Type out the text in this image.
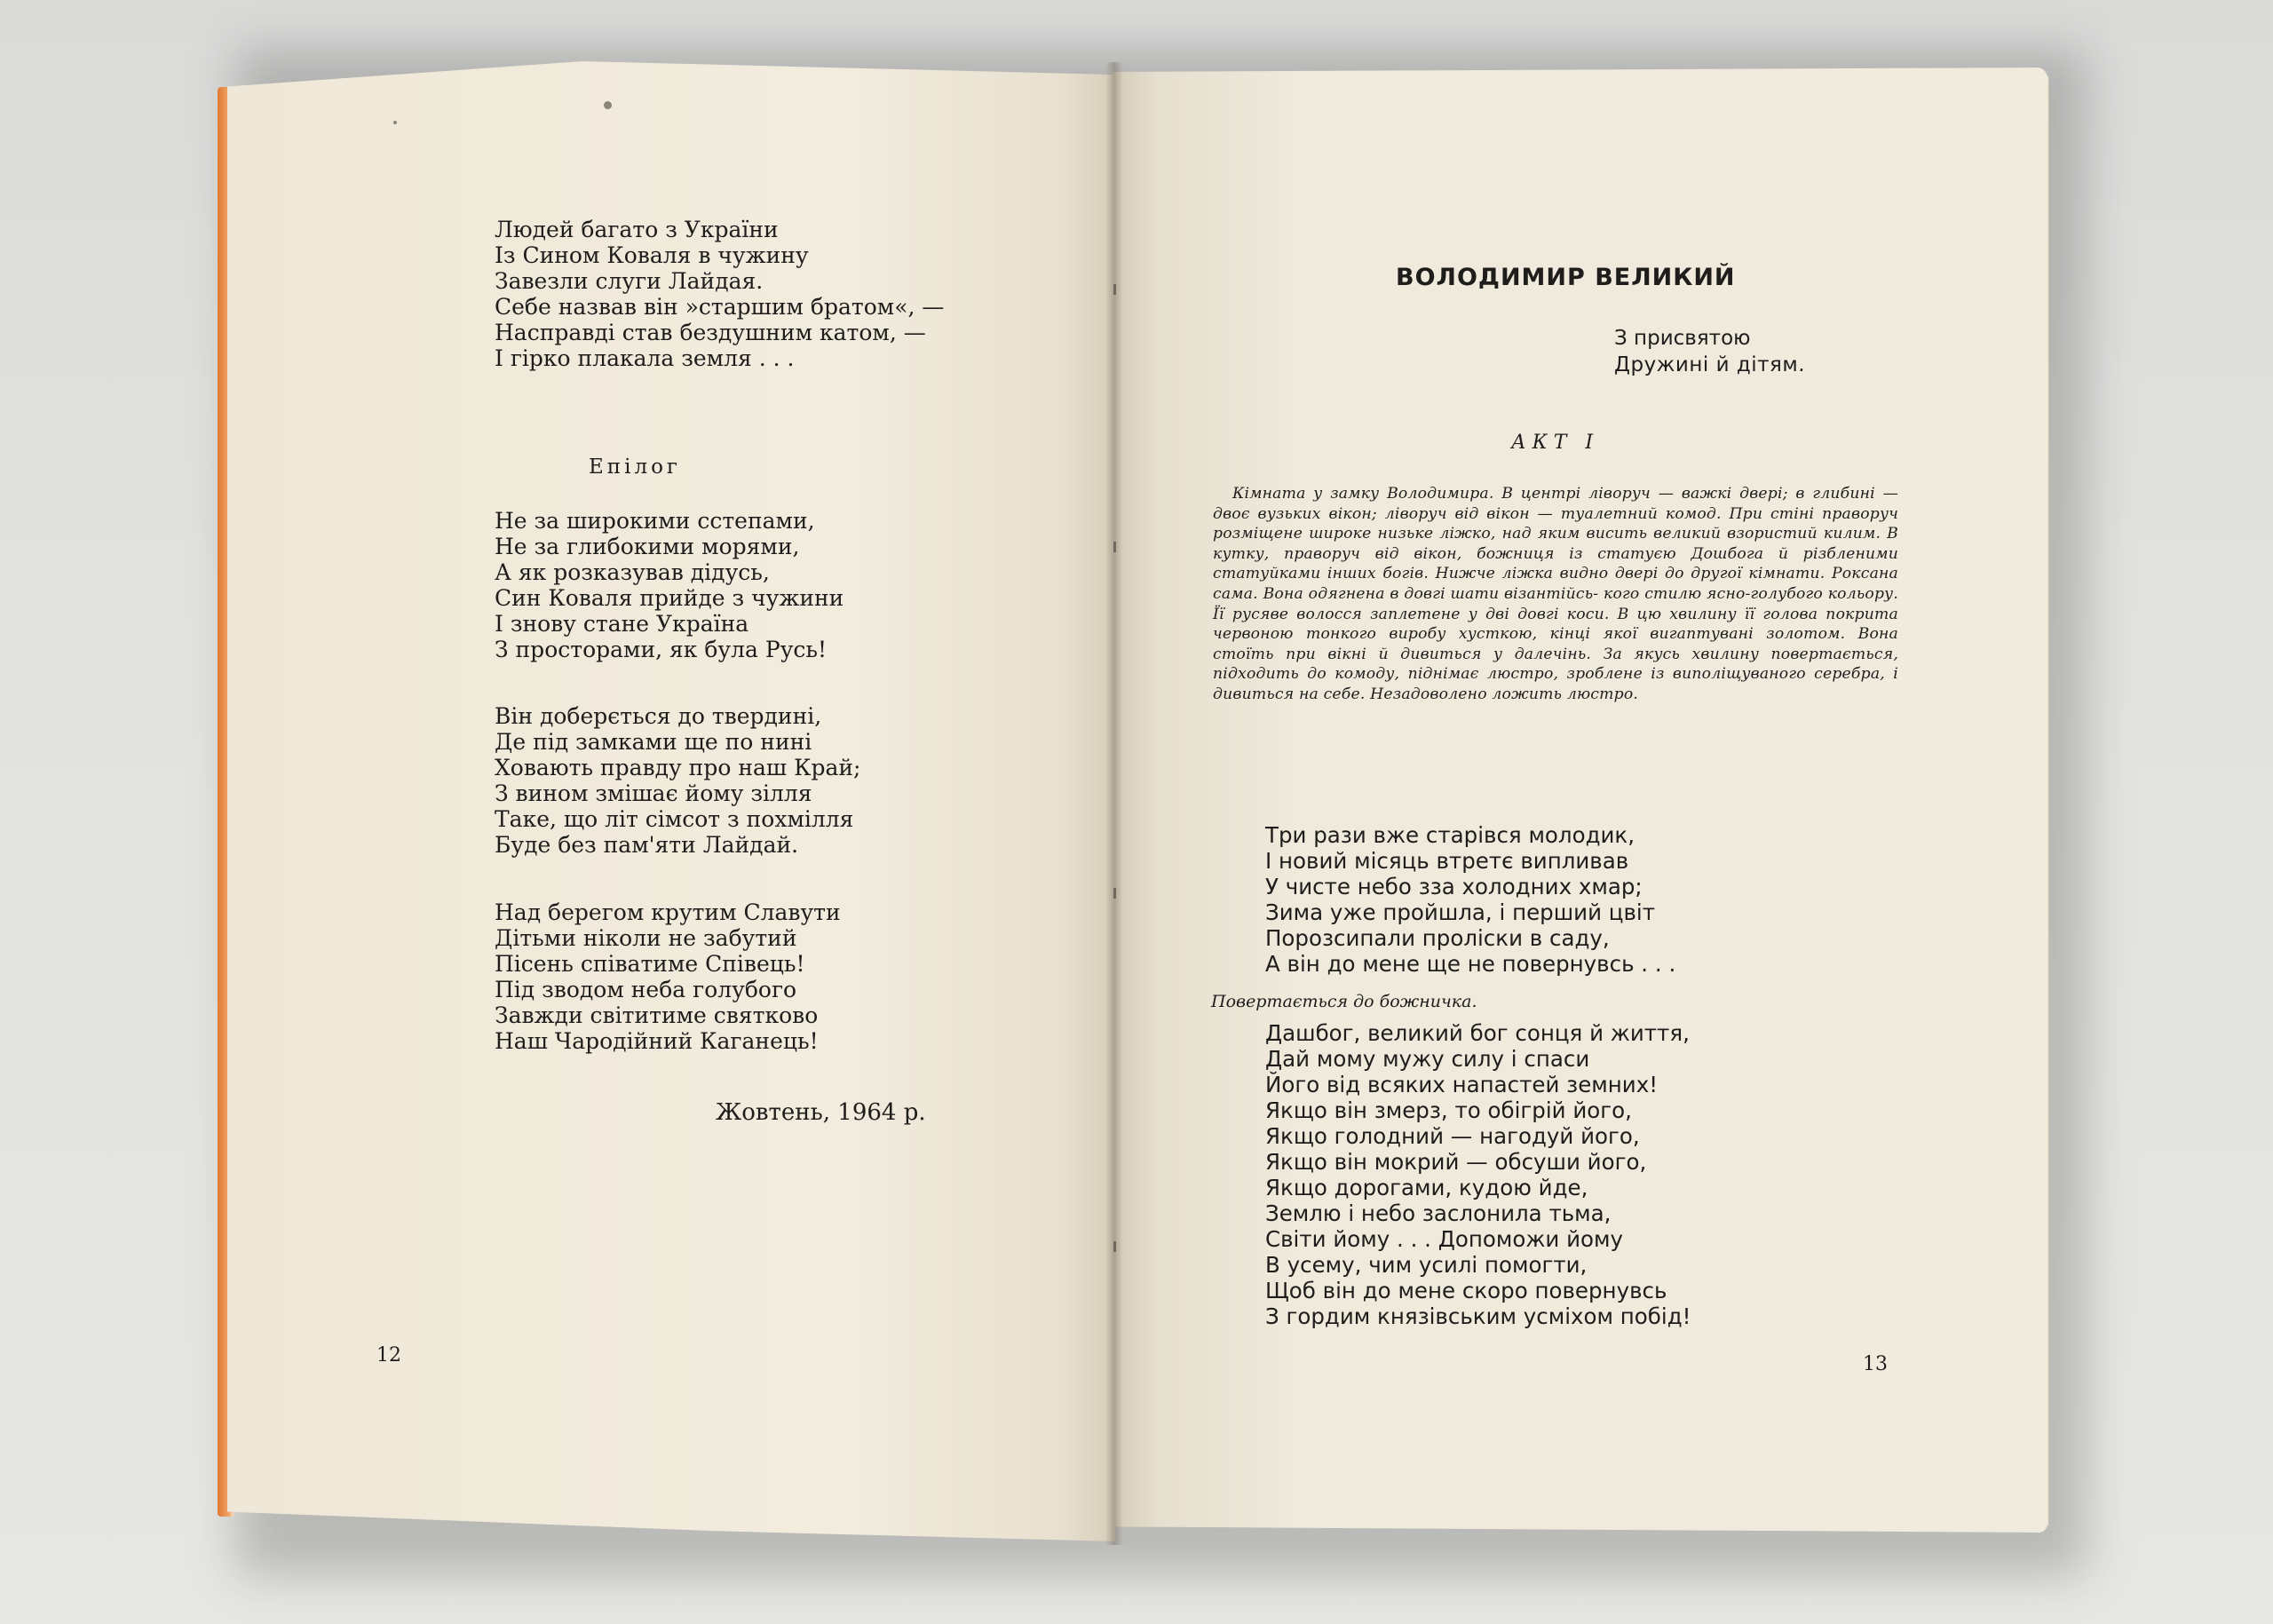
Людей багато з України
Із Сином Коваля в чужину
Завезли слуги Лайдая.
Себе назвав він »старшим братом«, —
Насправді став бездушним катом, —
І гірко плакала земля . . .
Епілог
Не за широкими сстепами,
Не за глибокими морями,
А як розказував дідусь,
Син Коваля прийде з чужини
І знову стане Україна
З просторами, як була Русь!
Він доберється до твердині,
Де під замками ще по нині
Ховають правду про наш Край;
З вином змішає йому зілля
Таке, що літ сімсот з похмілля
Буде без пам'яти Лайдай.
Над берегом крутим Славути
Дітьми ніколи не забутий
Пісень співатиме Співець!
Під зводом неба голубого
Завжди світитиме святково
Наш Чародійний Каганець!
Жовтень, 1964 р.
12
ВОЛОДИМИР ВЕЛИКИЙ
З присвятою
Дружині й дітям.
АКТ І
Кімната у замку Володимира. В центрі ліворуч — важкі двері; в глибині — двоє вузьких вікон; ліворуч від вікон — туалетний комод. При стіні праворуч розміщене широке низьке ліжко, над яким висить великий взористий килим. В кутку, праворуч від вікон, божниця із статуєю Дошбога й різбленими статуйками інших богів. Нижче ліжка видно двері до другої кімнати. Роксана сама. Вона одягнена в довгі шати візантійсь- кого стилю ясно-голубого кольору. Її русяве волосся заплетене у дві довгі коси. В цю хвилину її голова покрита червоною тонкого виробу хусткою, кінці якої вигаптувані золотом. Вона стоїть при вікні й дивиться у далечінь. За якусь хвилину повертається, підходить до комоду, піднімає люстро, зроблене із виполіщуваного серебра, і дивиться на себе. Незадоволено ложить люстро.
Три рази вже старівся молодик,
І новий місяць втретє випливав
У чисте небо зза холодних хмар;
Зима уже пройшла, і перший цвіт
Порозсипали проліски в саду,
А він до мене ще не повернувсь . . .
Повертається до божничка.
Дашбог, великий бог сонця й життя,
Дай мому мужу силу і спаси
Його від всяких напастей земних!
Якщо він змерз, то обігрій його,
Якщо голодний — нагодуй його,
Якщо він мокрий — обсуши його,
Якщо дорогами, кудою йде,
Землю і небо заслонила тьма,
Світи йому . . . Допоможи йому
В усему, чим усилі помогти,
Щоб він до мене скоро повернувсь
З гордим князівським усміхом побід!
13
